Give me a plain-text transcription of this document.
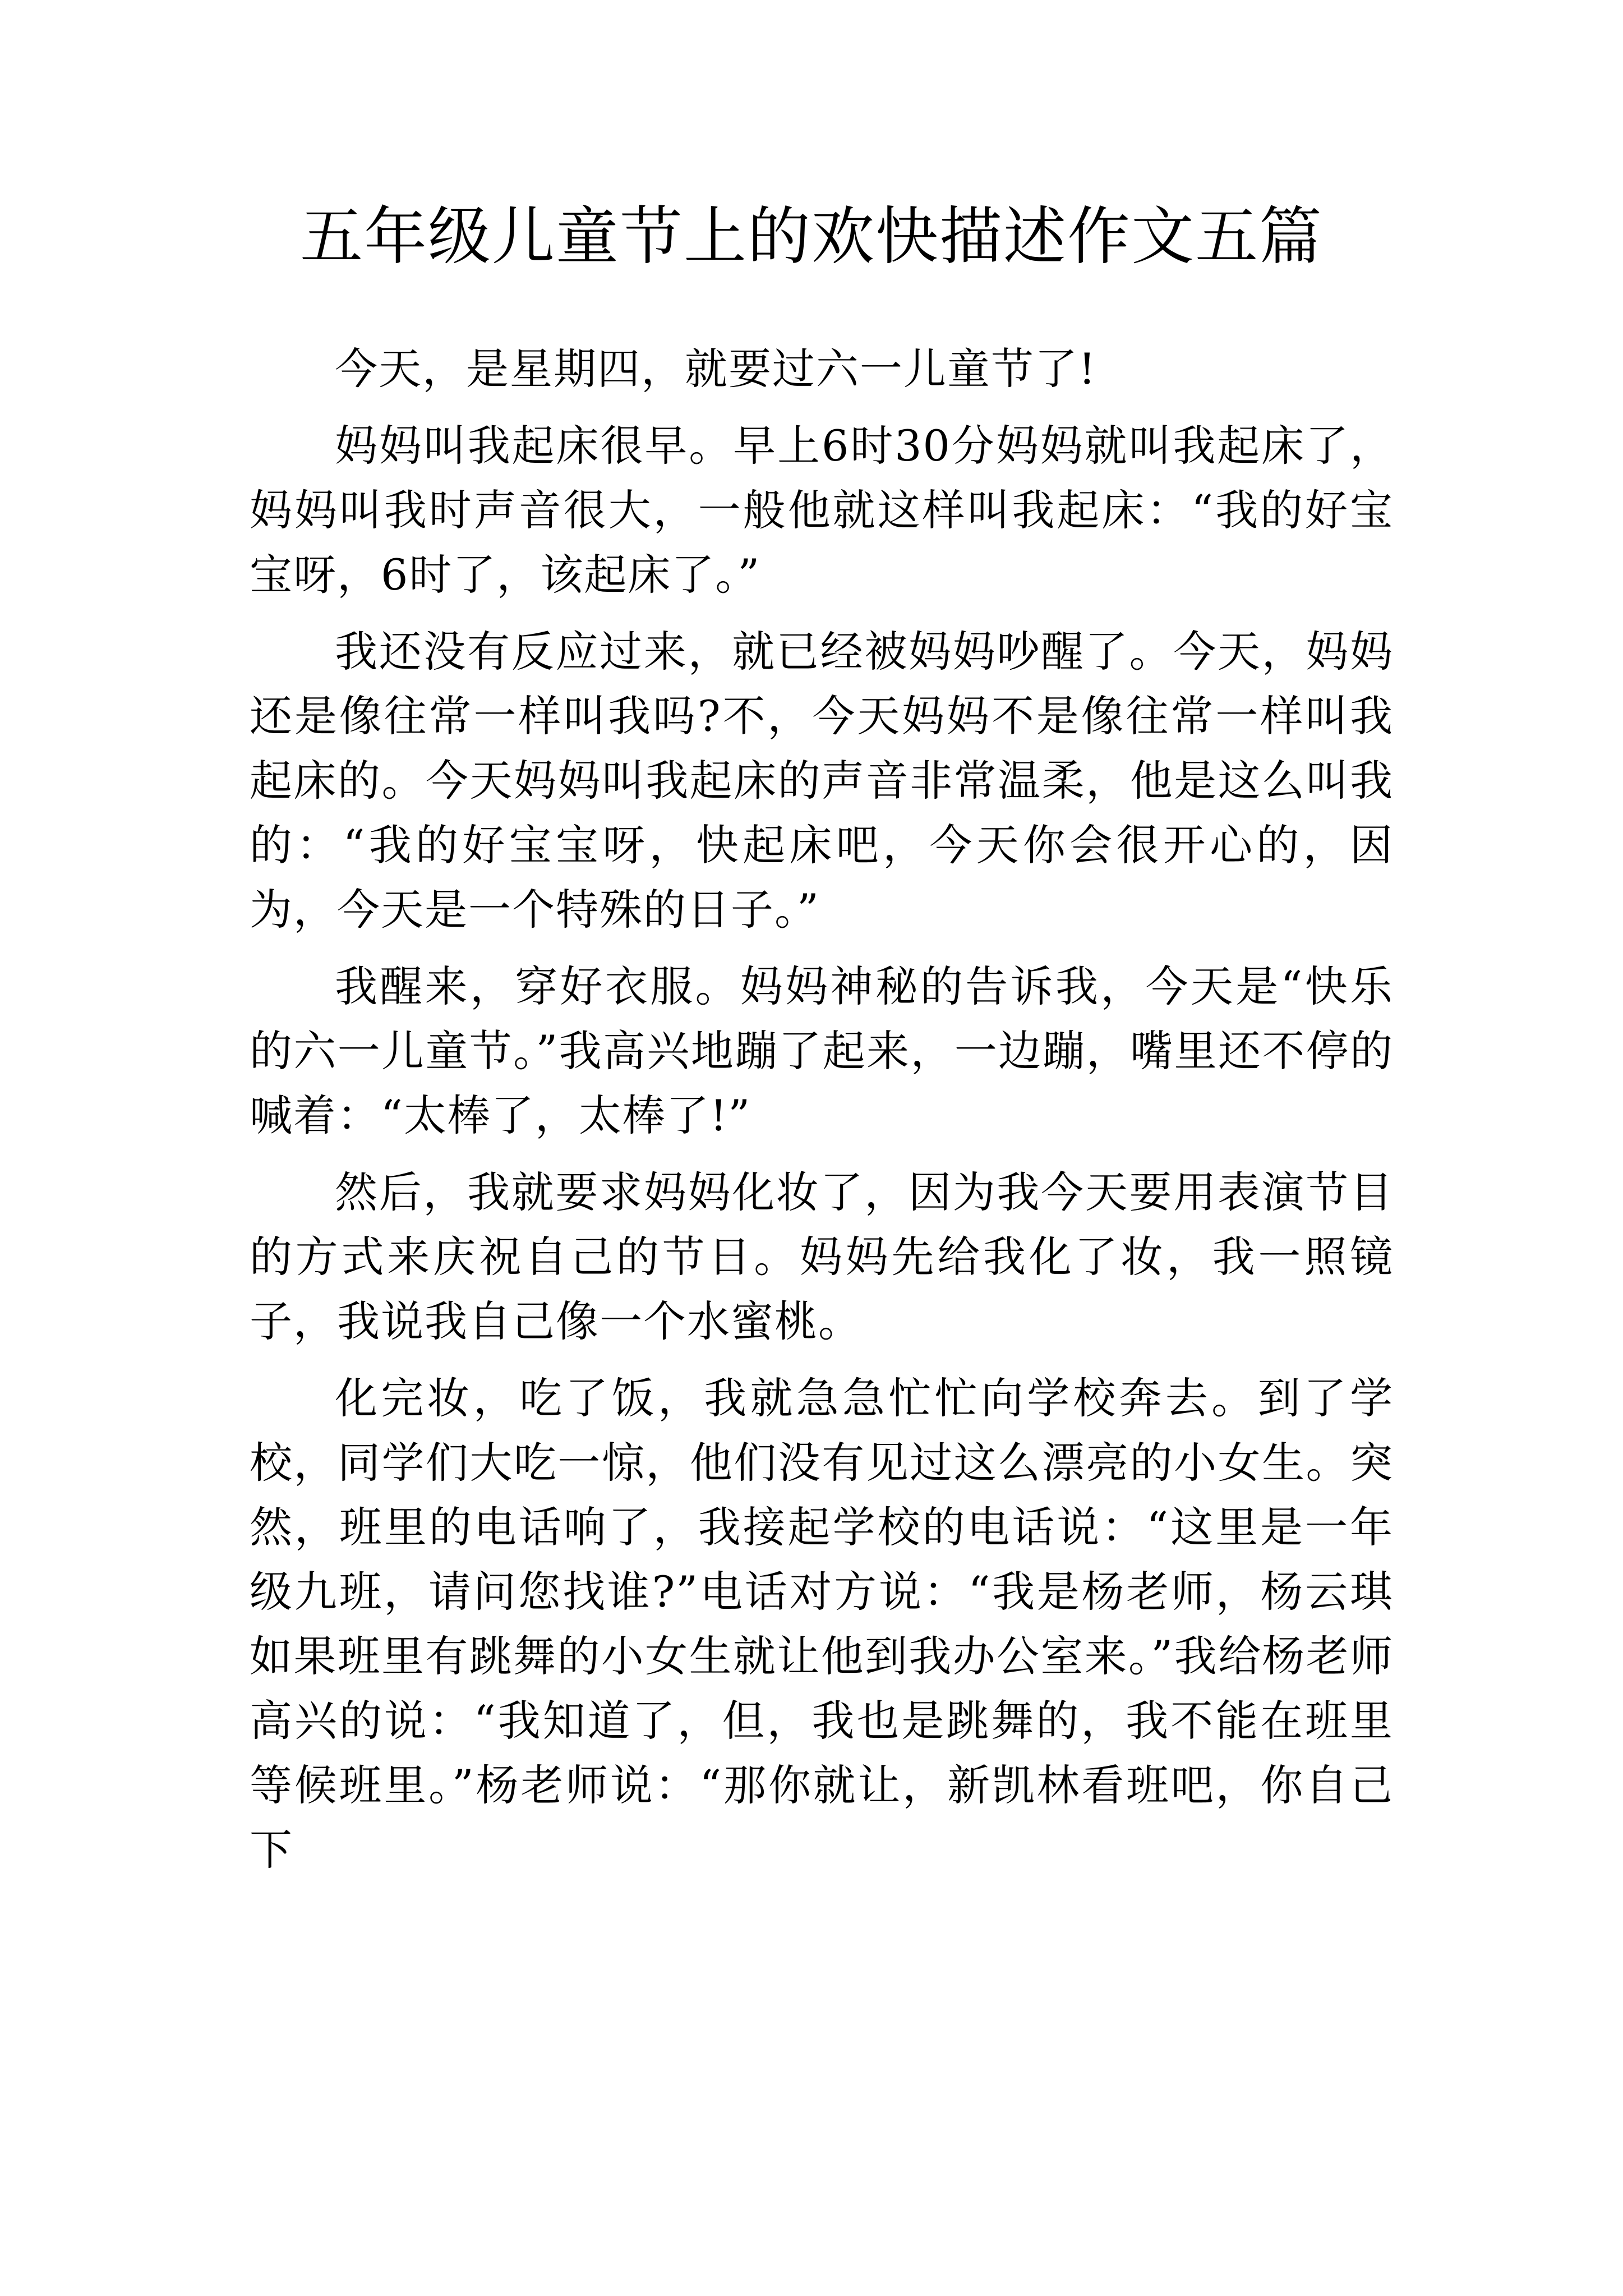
五年级儿童节上的欢快描述作文五篇

今天，是星期四，就要过六一儿童节了!

妈妈叫我起床很早。早上6时30分妈妈就叫我起床了，妈妈叫我时声音很大，一般他就这样叫我起床：“我的好宝宝呀，6时了，该起床了。”

我还没有反应过来，就已经被妈妈吵醒了。今天，妈妈还是像往常一样叫我吗?不，今天妈妈不是像往常一样叫我起床的。今天妈妈叫我起床的声音非常温柔，他是这么叫我的：“我的好宝宝呀，快起床吧，今天你会很开心的，因为，今天是一个特殊的日子。”

我醒来，穿好衣服。妈妈神秘的告诉我，今天是“快乐的六一儿童节。”我高兴地蹦了起来，一边蹦，嘴里还不停的喊着：“太棒了，太棒了!”

然后，我就要求妈妈化妆了，因为我今天要用表演节目的方式来庆祝自己的节日。妈妈先给我化了妆，我一照镜子，我说我自己像一个水蜜桃。

化完妆，吃了饭，我就急急忙忙向学校奔去。到了学校，同学们大吃一惊，他们没有见过这么漂亮的小女生。突然，班里的电话响了，我接起学校的电话说：“这里是一年级九班，请问您找谁?”电话对方说：“我是杨老师，杨云琪如果班里有跳舞的小女生就让他到我办公室来。”我给杨老师高兴的说：“我知道了，但，我也是跳舞的，我不能在班里等候班里。”杨老师说：“那你就让，新凯林看班吧，你自己下
